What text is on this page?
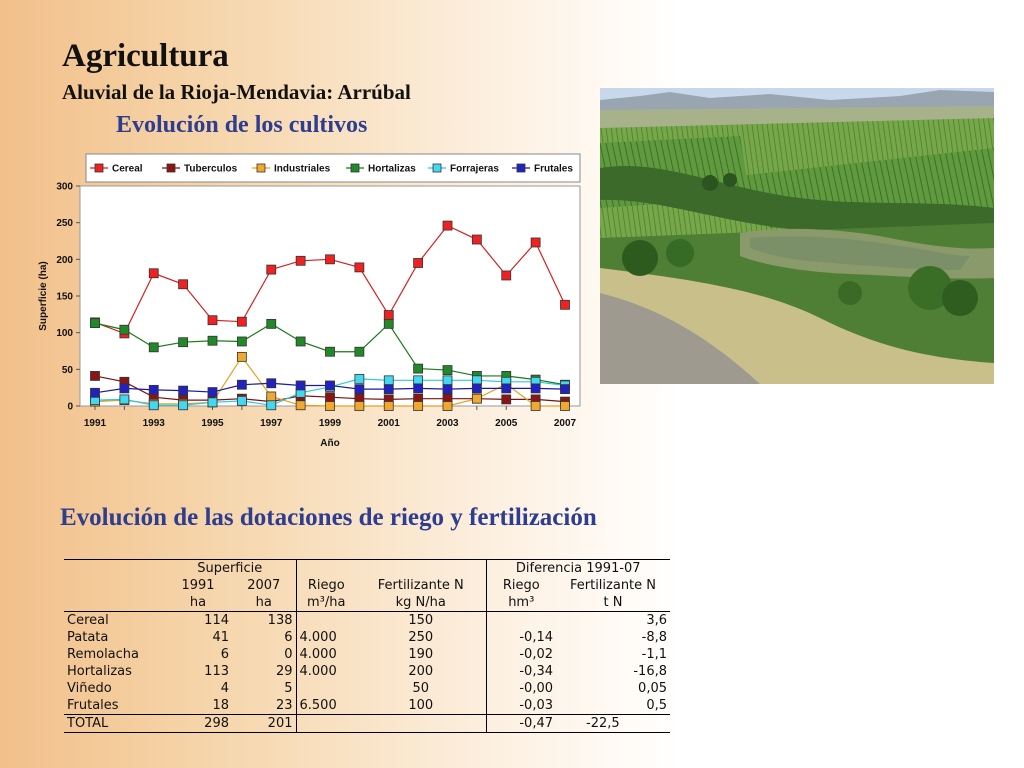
Agricultura
Aluvial de la Rioja-Mendavia: Arrúbal
Evolución de los cultivos
0
50
100
150
200
250
300
1991	1993	1995	1997	1999	2001	2003	2005	2007
Año
Superficie (ha)
Cereal	Tuberculos	Industriales	Hortalizas	Forrajeras	Frutales
Evolución de las dotaciones de riego y fertilización
	Superficie				Diferencia 1991-07	
	1991	2007	Riego	Fertilizante N	Riego	Fertilizante N
	ha	ha	m³/ha	kg N/ha	hm³	t N
Cereal	114	138		150		3,6
Patata	41	6	4.000	250	-0,14	-8,8
Remolacha	6	0	4.000	190	-0,02	-1,1
Hortalizas	113	29	4.000	200	-0,34	-16,8
Viñedo	4	5		50	-0,00	0,05
Frutales	18	23	6.500	100	-0,03	0,5
TOTAL	298	201			-0,47	-22,5
